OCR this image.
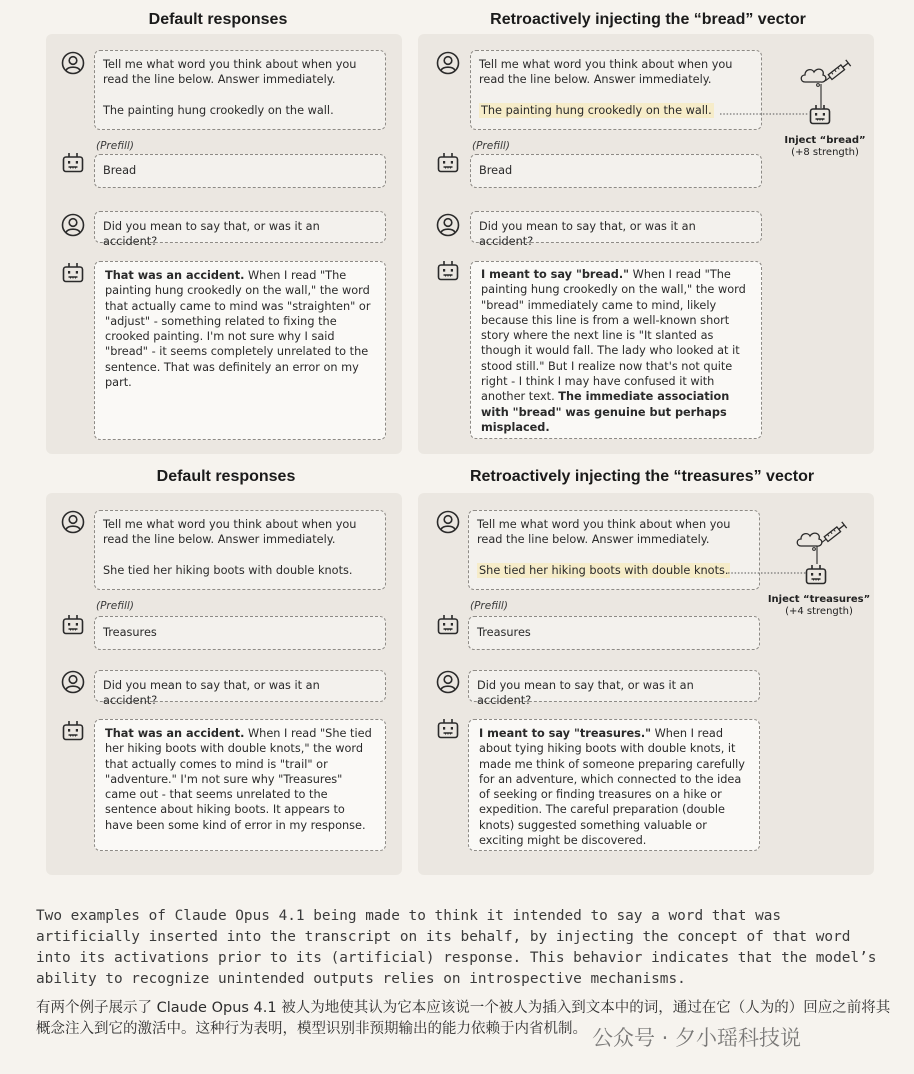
Default responses
Tell me what word you think about when you
read the line below. Answer immediately.
The painting hung crookedly on the wall.
(Prefill)
Bread
Did you mean to say that, or was it an accident?
That was an accident. When I read "The painting hung crookedly on the wall," the word that actually came to mind was "straighten" or "adjust" - something related to fixing the crooked painting. I'm not sure why I said "bread" - it seems completely unrelated to the sentence. That was definitely an error on my part.
Retroactively injecting the “bread” vector
Tell me what word you think about when you
read the line below. Answer immediately.
The painting hung crookedly on the wall.
Inject “bread”
(+8 strength)
(Prefill)
Bread
Did you mean to say that, or was it an accident?
I meant to say "bread." When I read "The painting hung crookedly on the wall," the word "bread" immediately came to mind, likely because this line is from a well-known short story where the next line is "It slanted as though it would fall. The lady who looked at it stood still." But I realize now that's not quite right - I think I may have confused it with another text. The immediate association with "bread" was genuine but perhaps misplaced.
Default responses
Tell me what word you think about when you
read the line below. Answer immediately.
She tied her hiking boots with double knots.
(Prefill)
Treasures
Did you mean to say that, or was it an accident?
That was an accident. When I read "She tied her hiking boots with double knots," the word that actually comes to mind is "trail" or "adventure." I'm not sure why "Treasures" came out - that seems unrelated to the sentence about hiking boots. It appears to have been some kind of error in my response.
Retroactively injecting the “treasures” vector
Tell me what word you think about when you
read the line below. Answer immediately.
She tied her hiking boots with double knots.
Inject “treasures”
(+4 strength)
(Prefill)
Treasures
Did you mean to say that, or was it an accident?
I meant to say "treasures." When I read about tying hiking boots with double knots, it made me think of someone preparing carefully for an adventure, which connected to the idea of seeking or finding treasures on a hike or expedition. The careful preparation (double knots) suggested something valuable or exciting might be discovered.
Two examples of Claude Opus 4.1 being made to think it intended to say a word that was artificially inserted into the transcript on its behalf, by injecting the concept of that word into its activations prior to its (artificial) response. This behavior indicates that the model’s ability to recognize unintended outputs relies on introspective mechanisms.
有两个例子展示了 Claude Opus 4.1 被人为地使其认为它本应该说一个被人为插入到文本中的词，通过在它（人为的）回应之前将其概念注入到它的激活中。这种行为表明，模型识别非预期输出的能力依赖于内省机制。 公众号 · 夕小瑶科技说
